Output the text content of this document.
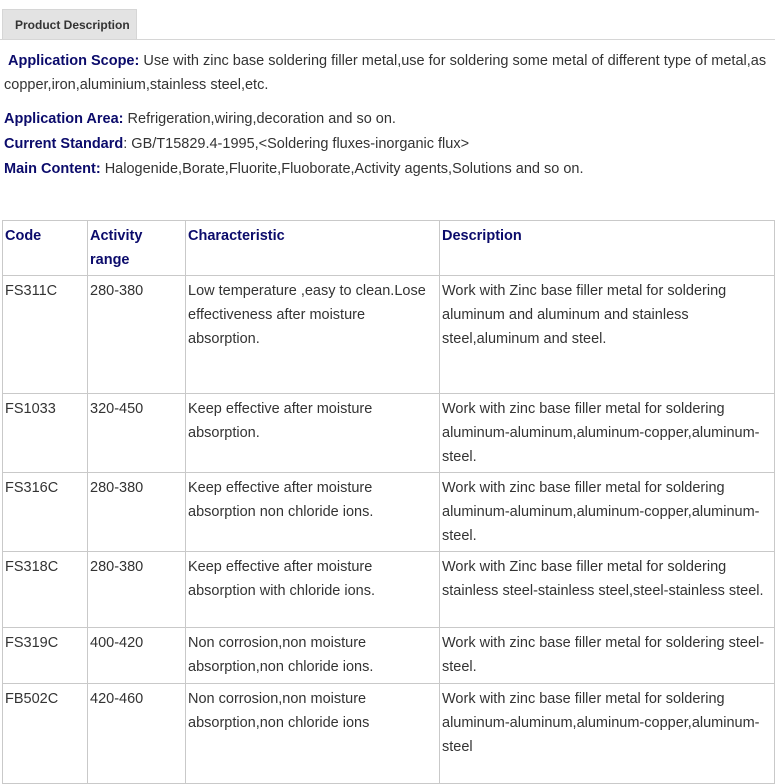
Product Description

Application Scope: Use with zinc base soldering filler metal,use for soldering some metal of different type of metal,as copper,iron,aluminium,stainless steel,etc.

Application Area: Refrigeration,wiring,decoration and so on.
Current Standard: GB/T15829.4-1995,<Soldering fluxes-inorganic flux>
Main Content: Halogenide,Borate,Fluorite,Fluoborate,Activity agents,Solutions and so on.
Code	Activity range	Characteristic	Description
FS311C	280-380	Low temperature ,easy to clean.Lose effectiveness after moisture absorption.	Work with Zinc base filler metal for soldering aluminum and aluminum and stainless steel,aluminum and steel.
FS1033	320-450	Keep effective after moisture absorption.	Work with zinc base filler metal for soldering aluminum-aluminum,aluminum-copper,aluminum-steel.
FS316C	280-380	Keep effective after moisture absorption non chloride ions.	Work with zinc base filler metal for soldering aluminum-aluminum,aluminum-copper,aluminum-steel.
FS318C	280-380	Keep effective after moisture absorption with chloride ions.	Work with Zinc base filler metal for soldering stainless steel-stainless steel,steel-stainless steel.
FS319C	400-420	Non corrosion,non moisture absorption,non chloride ions.	Work with zinc base filler metal for soldering steel-steel.
FB502C	420-460	Non corrosion,non moisture absorption,non chloride ions	Work with zinc base filler metal for soldering aluminum-aluminum,aluminum-copper,aluminum-steel
